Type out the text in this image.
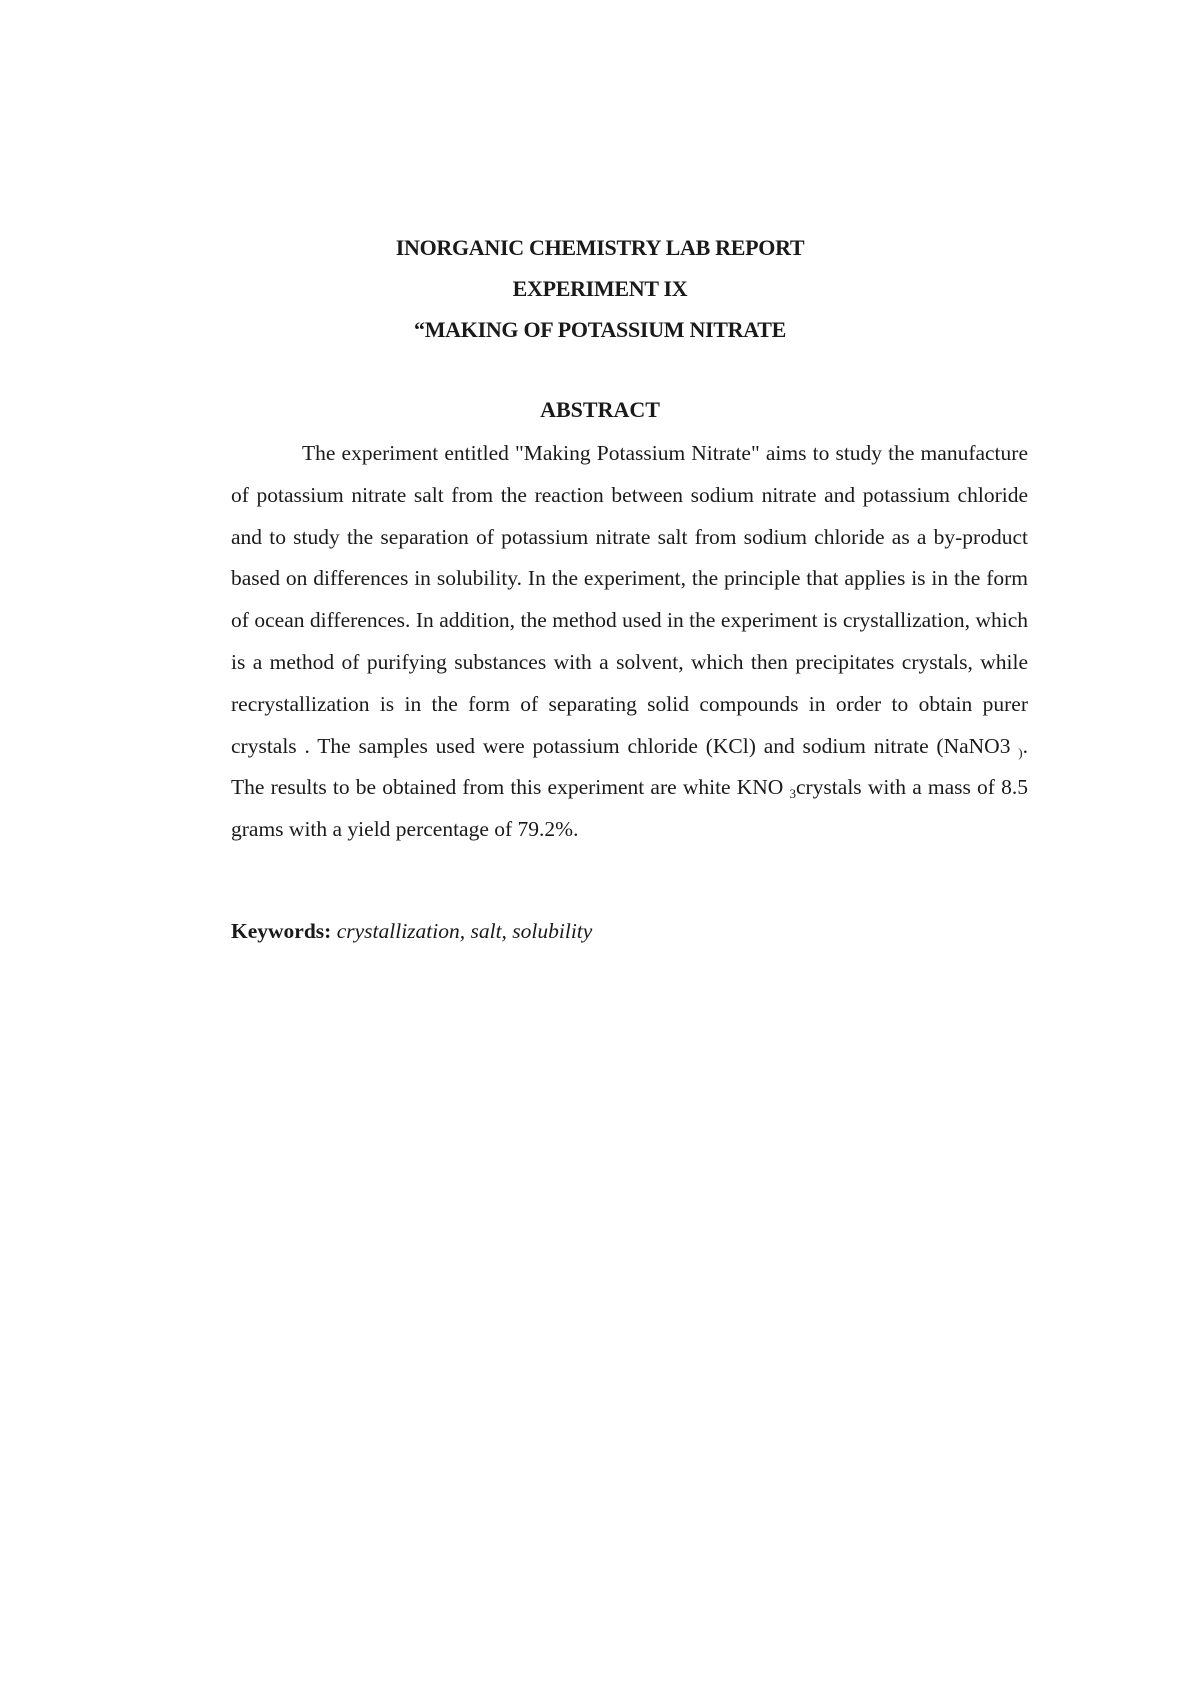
INORGANIC CHEMISTRY LAB REPORT
EXPERIMENT IX
“MAKING OF POTASSIUM NITRATE
ABSTRACT
The experiment entitled "Making Potassium Nitrate" aims to study the manufacture of potassium nitrate salt from the reaction between sodium nitrate and potassium chloride and to study the separation of potassium nitrate salt from sodium chloride as a by-product based on differences in solubility. In the experiment, the principle that applies is in the form of ocean differences. In addition, the method used in the experiment is crystallization, which is a method of purifying substances with a solvent, which then precipitates crystals, while recrystallization is in the form of separating solid compounds in order to obtain purer crystals . The samples used were potassium chloride (KCl) and sodium nitrate (NaNO3 $_)$. The results to be obtained from this experiment are white KNO $_3$crystals with a mass of 8.5 grams with a yield percentage of 79.2%.
Keywords: crystallization, salt, solubility
